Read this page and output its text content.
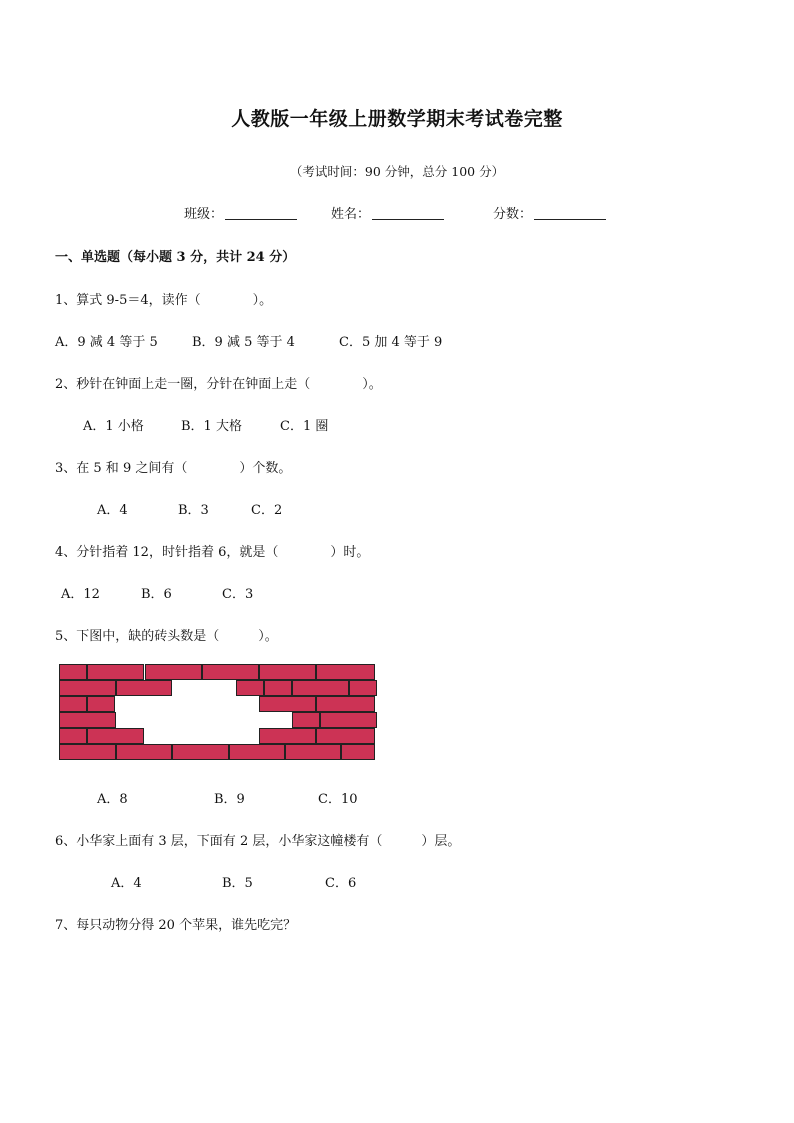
人教版一年级上册数学期末考试卷完整
（考试时间：90 分钟，总分 100 分）
班级：	姓名：	分数：
一、单选题（每小题 3 分，共计 24 分）
1、算式 9-5＝4，读作（　　　　）。
A．9 减 4 等于 5	B．9 减 5 等于 4	C．5 加 4 等于 9
2、秒针在钟面上走一圈，分针在钟面上走（　　　　）。
A．1 小格	B．1 大格	C．1 圈
3、在 5 和 9 之间有（　　　　）个数。
A．4	B．3	C．2
4、分针指着 12，时针指着 6，就是（　　　　）时。
A．12	B．6	C．3
5、下图中，缺的砖头数是（　　　）。
A．8	B．9	C．10
6、小华家上面有 3 层，下面有 2 层，小华家这幢楼有（　　　）层。
A．4	B．5	C．6
7、每只动物分得 20 个苹果，谁先吃完？
